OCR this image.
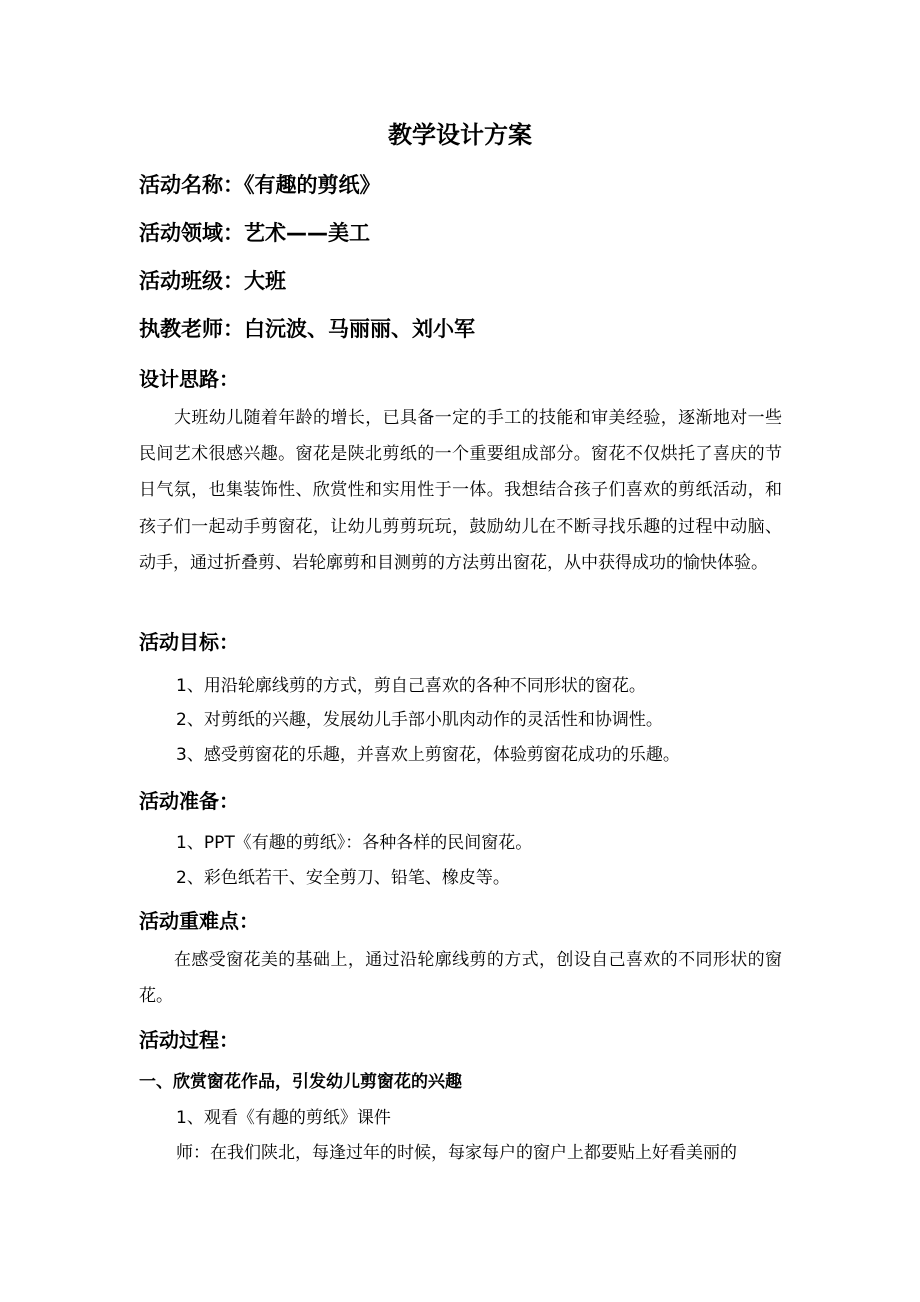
教学设计方案
活动名称：《有趣的剪纸》
活动领域：艺术——美工
活动班级：大班
执教老师：白沅波、马丽丽、刘小军
设计思路：

大班幼儿随着年龄的增长，已具备一定的手工的技能和审美经验，逐渐地对一些民间艺术很感兴趣。窗花是陕北剪纸的一个重要组成部分。窗花不仅烘托了喜庆的节日气氛，也集装饰性、欣赏性和实用性于一体。我想结合孩子们喜欢的剪纸活动，和孩子们一起动手剪窗花，让幼儿剪剪玩玩，鼓励幼儿在不断寻找乐趣的过程中动脑、动手，通过折叠剪、岩轮廓剪和目测剪的方法剪出窗花，从中获得成功的愉快体验。

活动目标：
1、用沿轮廓线剪的方式，剪自己喜欢的各种不同形状的窗花。
2、对剪纸的兴趣，发展幼儿手部小肌肉动作的灵活性和协调性。
3、感受剪窗花的乐趣，并喜欢上剪窗花，体验剪窗花成功的乐趣。
活动准备：
1、PPT《有趣的剪纸》：各种各样的民间窗花。
2、彩色纸若干、安全剪刀、铅笔、橡皮等。
活动重难点：

在感受窗花美的基础上，通过沿轮廓线剪的方式，创设自己喜欢的不同形状的窗花。

活动过程：
一、欣赏窗花作品，引发幼儿剪窗花的兴趣
1、观看《有趣的剪纸》课件
师：在我们陕北，每逢过年的时候，每家每户的窗户上都要贴上好看美丽的
